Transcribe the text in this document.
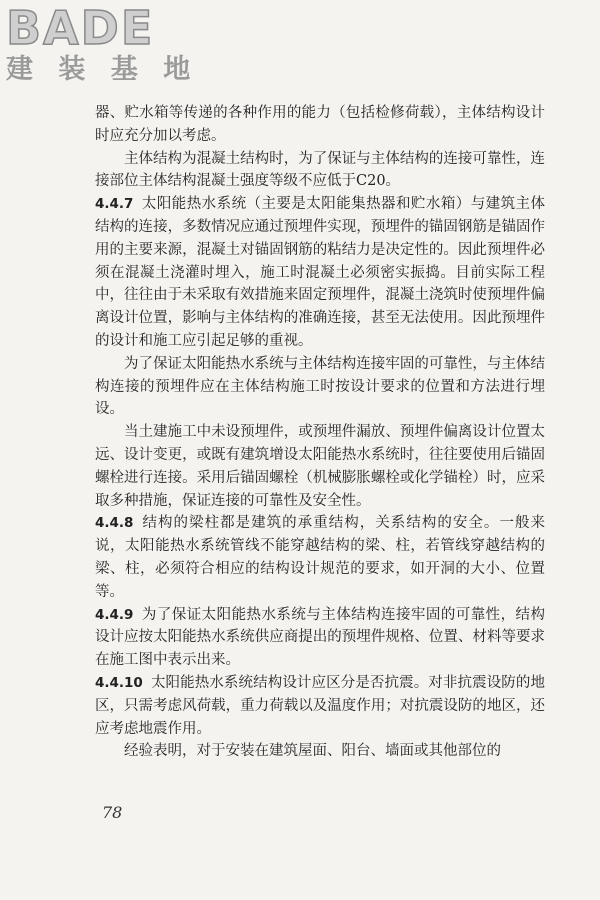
BADE
建 装 基 地

器、贮水箱等传递的各种作用的能力（包括检修荷载），主体结构设计时应充分加以考虑。

主体结构为混凝土结构时，为了保证与主体结构的连接可靠性，连接部位主体结构混凝土强度等级不应低于C20。

4.4.7 太阳能热水系统（主要是太阳能集热器和贮水箱）与建筑主体结构的连接，多数情况应通过预埋件实现，预埋件的锚固钢筋是锚固作用的主要来源，混凝土对锚固钢筋的粘结力是决定性的。因此预埋件必须在混凝土浇灌时埋入，施工时混凝土必须密实振捣。目前实际工程中，往往由于未采取有效措施来固定预埋件，混凝土浇筑时使预埋件偏离设计位置，影响与主体结构的准确连接，甚至无法使用。因此预埋件的设计和施工应引起足够的重视。

为了保证太阳能热水系统与主体结构连接牢固的可靠性，与主体结构连接的预埋件应在主体结构施工时按设计要求的位置和方法进行埋设。

当土建施工中未设预埋件，或预埋件漏放、预埋件偏离设计位置太远、设计变更，或既有建筑增设太阳能热水系统时，往往要使用后锚固螺栓进行连接。采用后锚固螺栓（机械膨胀螺栓或化学锚栓）时，应采取多种措施，保证连接的可靠性及安全性。

4.4.8 结构的梁柱都是建筑的承重结构，关系结构的安全。一般来说，太阳能热水系统管线不能穿越结构的梁、柱，若管线穿越结构的梁、柱，必须符合相应的结构设计规范的要求，如开洞的大小、位置等。

4.4.9 为了保证太阳能热水系统与主体结构连接牢固的可靠性，结构设计应按太阳能热水系统供应商提出的预埋件规格、位置、材料等要求在施工图中表示出来。

4.4.10 太阳能热水系统结构设计应区分是否抗震。对非抗震设防的地区，只需考虑风荷载，重力荷载以及温度作用；对抗震设防的地区，还应考虑地震作用。

经验表明，对于安装在建筑屋面、阳台、墙面或其他部位的

78
